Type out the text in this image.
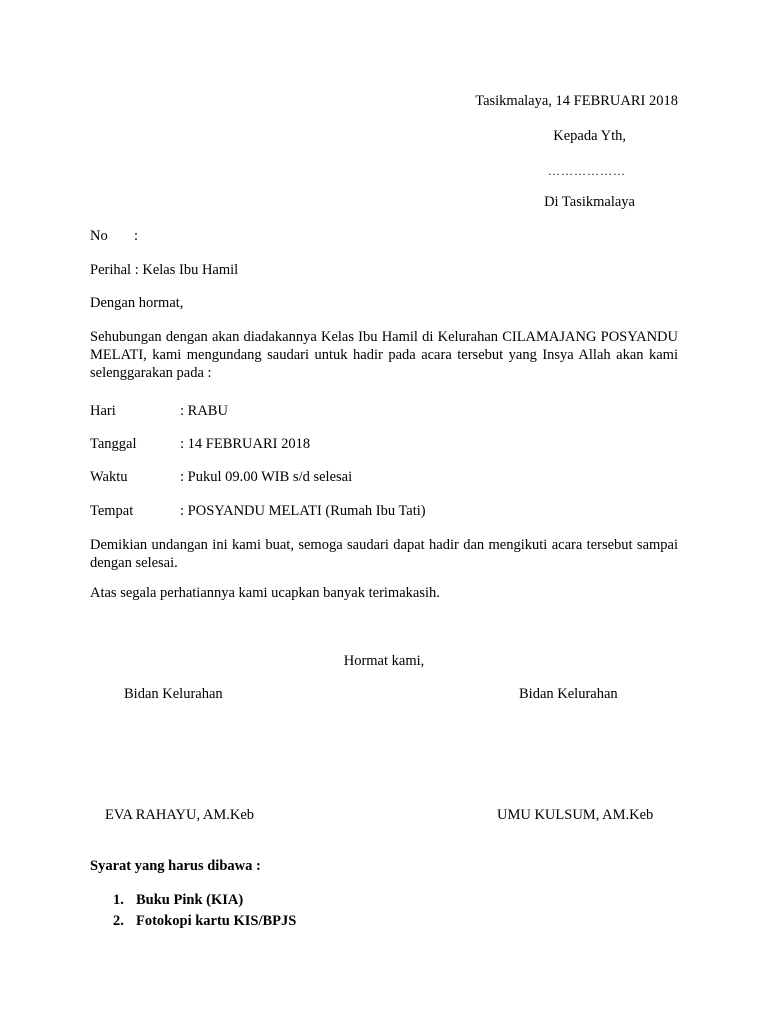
Tasikmalaya, 14 FEBRUARI 2018
Kepada Yth,
………………
Di Tasikmalaya
No :
Perihal : Kelas Ibu Hamil
Dengan hormat,
Sehubungan dengan akan diadakannya Kelas Ibu Hamil di Kelurahan CILAMAJANG POSYANDU MELATI, kami mengundang saudari untuk hadir pada acara tersebut yang Insya Allah akan kami selenggarakan pada :
Hari	: RABU
Tanggal	: 14 FEBRUARI 2018
Waktu	: Pukul 09.00 WIB s/d selesai
Tempat	: POSYANDU MELATI (Rumah Ibu Tati)
Demikian undangan ini kami buat, semoga saudari dapat hadir dan mengikuti acara tersebut sampai dengan selesai.
Atas segala perhatiannya kami ucapkan banyak terimakasih.
Hormat kami,
Bidan Kelurahan	Bidan Kelurahan
EVA RAHAYU, AM.Keb	UMU KULSUM, AM.Keb
Syarat yang harus dibawa :
1. Buku Pink (KIA)
2. Fotokopi kartu KIS/BPJS
